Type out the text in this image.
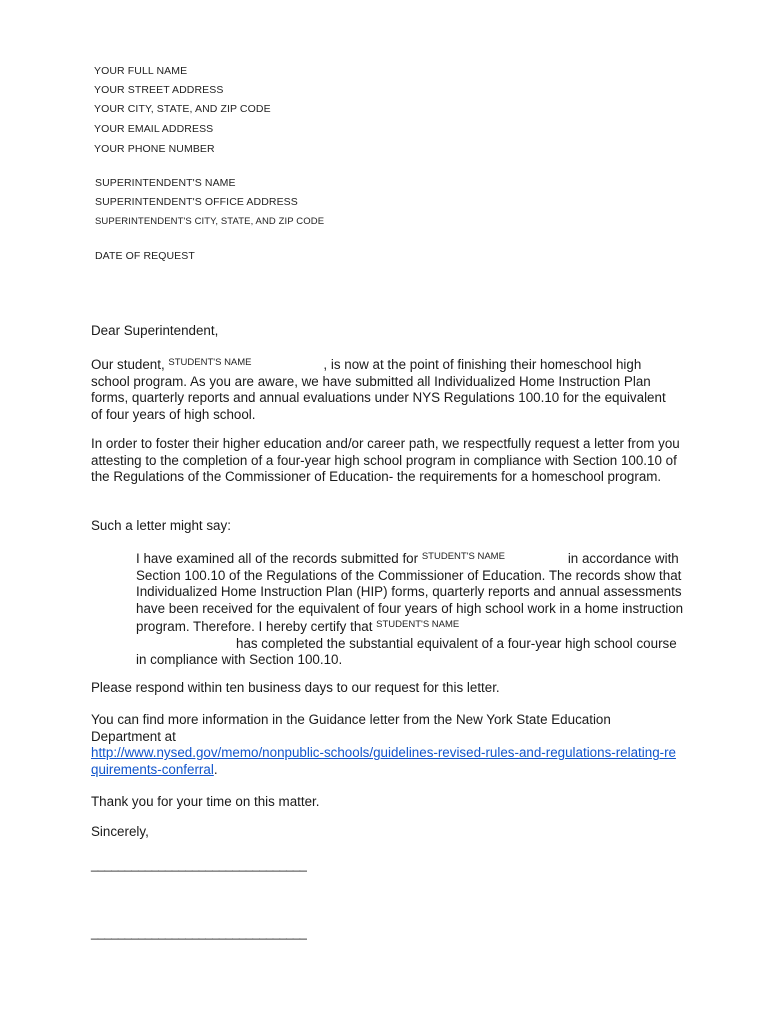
YOUR FULL NAME
YOUR STREET ADDRESS
YOUR CITY, STATE, AND ZIP CODE
YOUR EMAIL ADDRESS
YOUR PHONE NUMBER
SUPERINTENDENT'S NAME
SUPERINTENDENT'S OFFICE ADDRESS
SUPERINTENDENT'S CITY, STATE, AND ZIP CODE
DATE OF REQUEST
Dear Superintendent,
Our student, STUDENT'S NAME	, is now at the point of finishing their homeschool high school program. As you are aware, we have submitted all Individualized Home Instruction Plan forms, quarterly reports and annual evaluations under NYS Regulations 100.10 for the equivalent of four years of high school.
In order to foster their higher education and/or career path, we respectfully request a letter from you attesting to the completion of a four-year high school program in compliance with Section 100.10 of the Regulations of the Commissioner of Education- the requirements for a homeschool program.
Such a letter might say:
I have examined all of the records submitted for STUDENT'S NAME	in accordance with Section 100.10 of the Regulations of the Commissioner of Education. The records show that Individualized Home Instruction Plan (HIP) forms, quarterly reports and annual assessments have been received for the equivalent of four years of high school work in a home instruction program. Therefore. I hereby certify that STUDENT'S NAME
has completed the substantial equivalent of a four-year high school course in compliance with Section 100.10.
Please respond within ten business days to our request for this letter.
You can find more information in the Guidance letter from the New York State Education Department at
http://www.nysed.gov/memo/nonpublic-schools/guidelines-revised-rules-and-regulations-relating-requirements-conferral.
Thank you for your time on this matter.
Sincerely,
________________________________
________________________________
